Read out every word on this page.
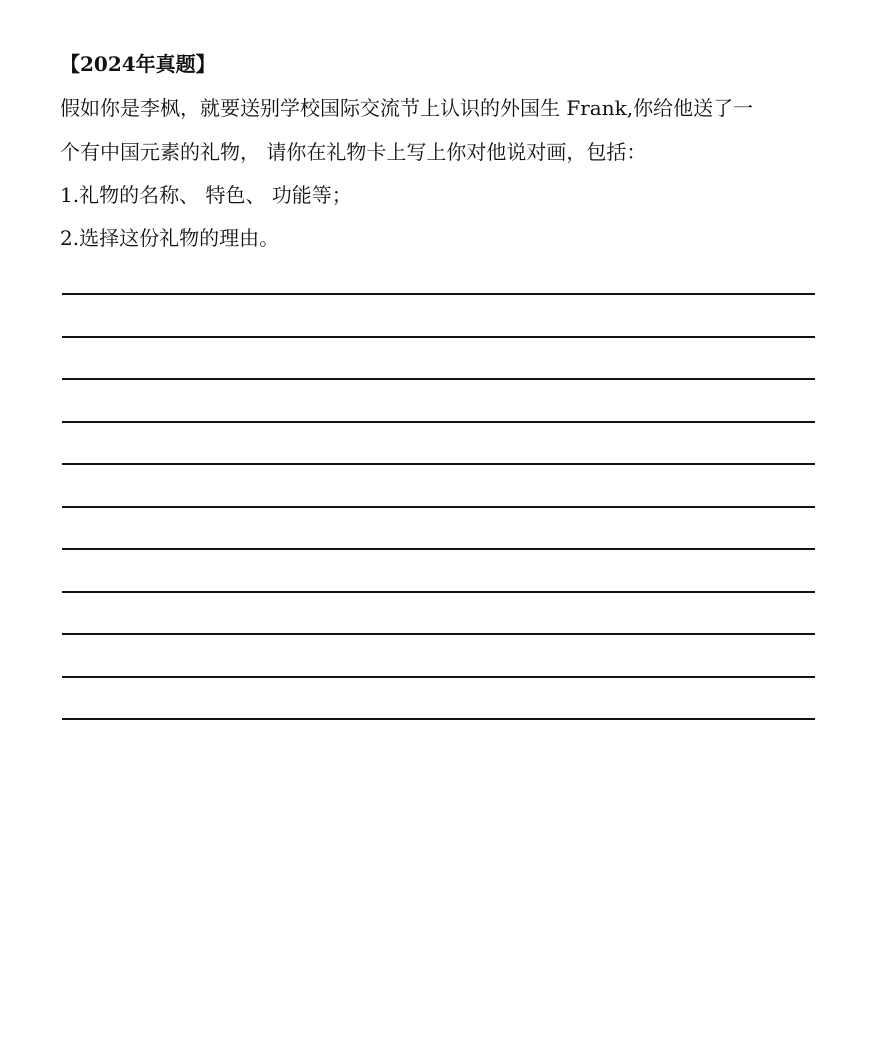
【2024年真题】
假如你是李枫，就要送别学校国际交流节上认识的外国生 Frank,你给他送了一
个有中国元素的礼物， 请你在礼物卡上写上你对他说对画，包括：
1.礼物的名称、 特色、 功能等；
2.选择这份礼物的理由。
